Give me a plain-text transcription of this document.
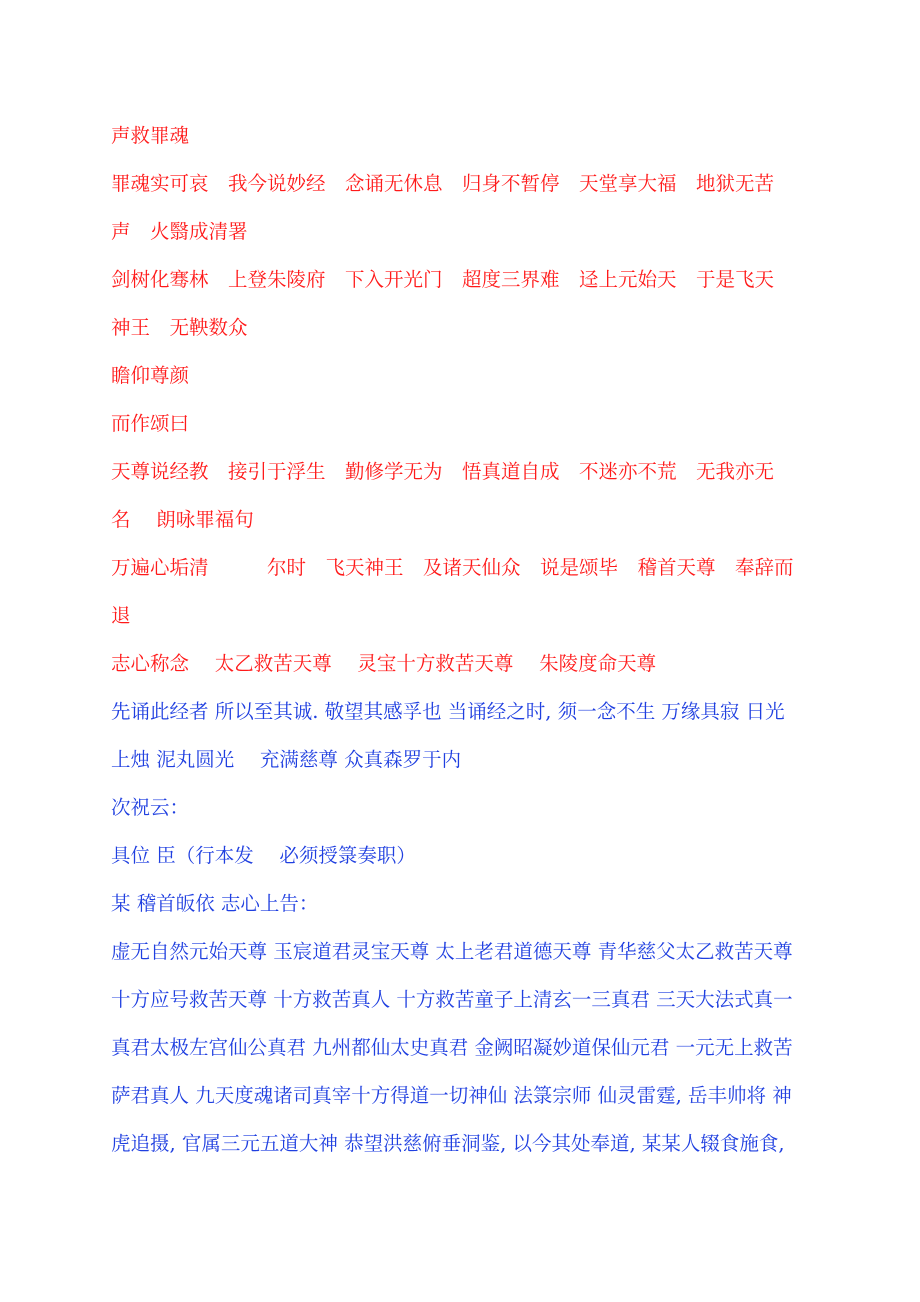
声救罪魂
罪魂实可哀　我今说妙经　念诵无休息　归身不暂停　天堂享大福　地狱无苦
声　火翳成清署
剑树化骞林　上登朱陵府　下入开光门　超度三界难　迳上元始天　于是飞天
神王　无鞅数众
瞻仰尊颜
而作颂曰
天尊说经教　接引于浮生　勤修学无为　悟真道自成　不迷亦不荒　无我亦无
名　 朗咏罪福句
万遍心垢清　　　尔时　飞天神王　及诸天仙众　说是颂毕　稽首天尊　奉辞而
退
志心称念　 太乙救苦天尊　 灵宝十方救苦天尊　 朱陵度命天尊
先诵此经者 所以至其诚. 敬望其感孚也 当诵经之时, 须一念不生 万缘具寂 日光
上烛 泥丸圆光　 充满慈尊 众真森罗于内
次祝云：
具位 臣（行本发　 必须授箓奏职）
某 稽首皈依 志心上告：
虚无自然元始天尊 玉宸道君灵宝天尊 太上老君道德天尊 青华慈父太乙救苦天尊
十方应号救苦天尊 十方救苦真人 十方救苦童子上清玄一三真君 三天大法式真一
真君太极左宫仙公真君 九州都仙太史真君 金阙昭凝妙道保仙元君 一元无上救苦
萨君真人 九天度魂诸司真宰十方得道一切神仙 法箓宗师 仙灵雷霆, 岳丰帅将 神
虎追摄, 官属三元五道大神 恭望洪慈俯垂洞鉴, 以今其处奉道, 某某人辍食施食,
